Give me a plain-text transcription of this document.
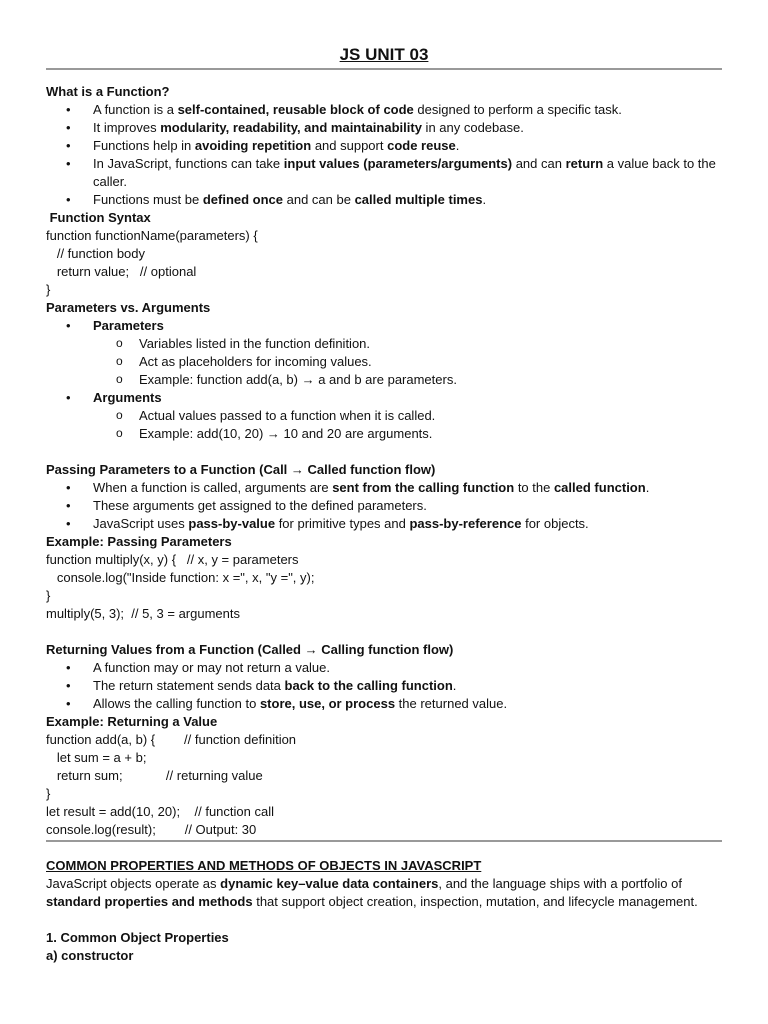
JS UNIT 03
What is a Function?
• A function is a self-contained, reusable block of code designed to perform a specific task.
• It improves modularity, readability, and maintainability in any codebase.
• Functions help in avoiding repetition and support code reuse.
• In JavaScript, functions can take input values (parameters/arguments) and can return a value back to the caller.
• Functions must be defined once and can be called multiple times.
Function Syntax
function functionName(parameters) {
// function body
return value;   // optional
}
Parameters vs. Arguments
• Parameters
o Variables listed in the function definition.
o Act as placeholders for incoming values.
o Example: function add(a, b) → a and b are parameters.
• Arguments
o Actual values passed to a function when it is called.
o Example: add(10, 20) → 10 and 20 are arguments.
Passing Parameters to a Function (Call → Called function flow)
• When a function is called, arguments are sent from the calling function to the called function.
• These arguments get assigned to the defined parameters.
• JavaScript uses pass-by-value for primitive types and pass-by-reference for objects.
Example: Passing Parameters
function multiply(x, y) {   // x, y = parameters
console.log("Inside function: x =", x, "y =", y);
}
multiply(5, 3);  // 5, 3 = arguments
Returning Values from a Function (Called → Calling function flow)
• A function may or may not return a value.
• The return statement sends data back to the calling function.
• Allows the calling function to store, use, or process the returned value.
Example: Returning a Value
function add(a, b) {        // function definition
let sum = a + b;
return sum;            // returning value
}
let result = add(10, 20);    // function call
console.log(result);        // Output: 30
COMMON PROPERTIES AND METHODS OF OBJECTS IN JAVASCRIPT

JavaScript objects operate as dynamic key–value data containers, and the language ships with a portfolio of standard properties and methods that support object creation, inspection, mutation, and lifecycle management.

1. Common Object Properties
a) constructor
